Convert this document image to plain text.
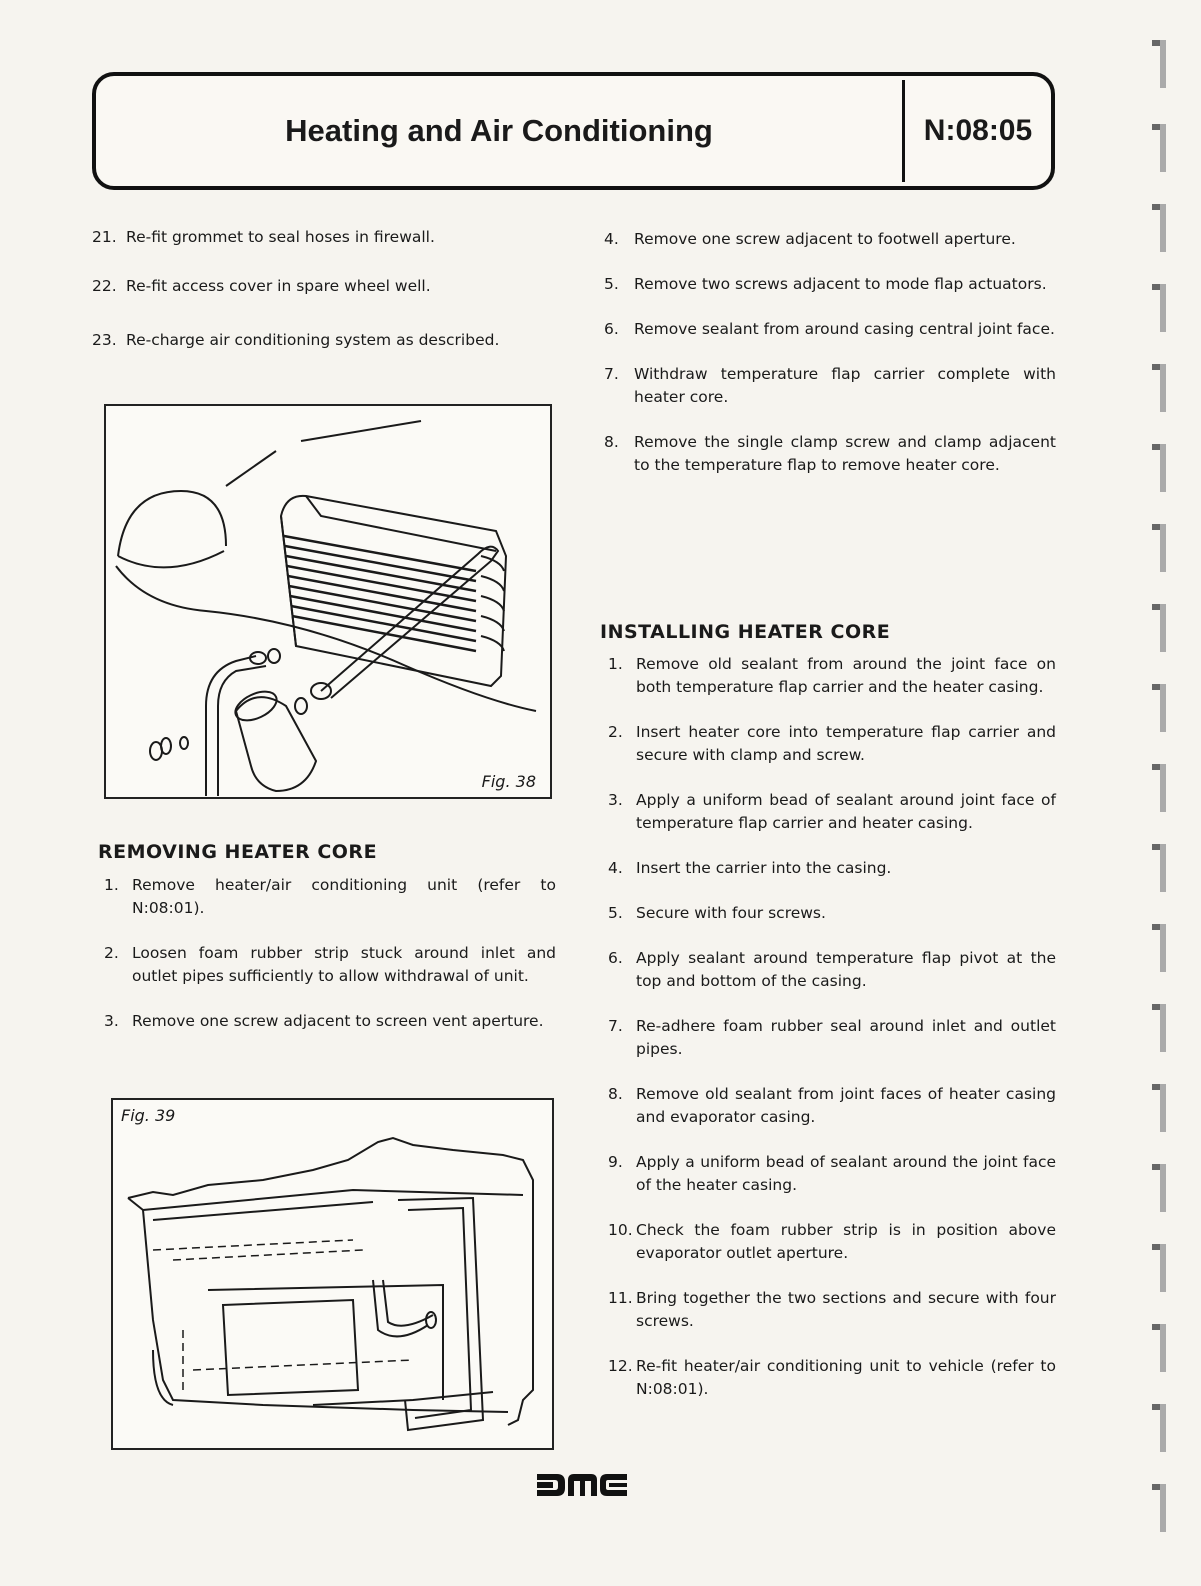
Heating and Air Conditioning	N:08:05
21. Re-fit grommet to seal hoses in firewall.
22. Re-fit access cover in spare wheel well.
23. Re-charge air conditioning system as described.
Fig. 38
REMOVING HEATER CORE
1. Remove heater/air conditioning unit (refer to N:08:01).
2. Loosen foam rubber strip stuck around inlet and outlet pipes sufficiently to allow withdrawal of unit.
3. Remove one screw adjacent to screen vent aperture.
Fig. 39
4. Remove one screw adjacent to footwell aperture.
5. Remove two screws adjacent to mode flap actuators.
6. Remove sealant from around casing central joint face.
7. Withdraw temperature flap carrier complete with heater core.
8. Remove the single clamp screw and clamp adjacent to the temperature flap to remove heater core.
INSTALLING HEATER CORE
1. Remove old sealant from around the joint face on both temperature flap carrier and the heater casing.
2. Insert heater core into temperature flap carrier and secure with clamp and screw.
3. Apply a uniform bead of sealant around joint face of temperature flap carrier and heater casing.
4. Insert the carrier into the casing.
5. Secure with four screws.
6. Apply sealant around temperature flap pivot at the top and bottom of the casing.
7. Re-adhere foam rubber seal around inlet and outlet pipes.
8. Remove old sealant from joint faces of heater casing and evaporator casing.
9. Apply a uniform bead of sealant around the joint face of the heater casing.
10. Check the foam rubber strip is in position above evaporator outlet aperture.
11. Bring together the two sections and secure with four screws.
12. Re-fit heater/air conditioning unit to vehicle (refer to N:08:01).
